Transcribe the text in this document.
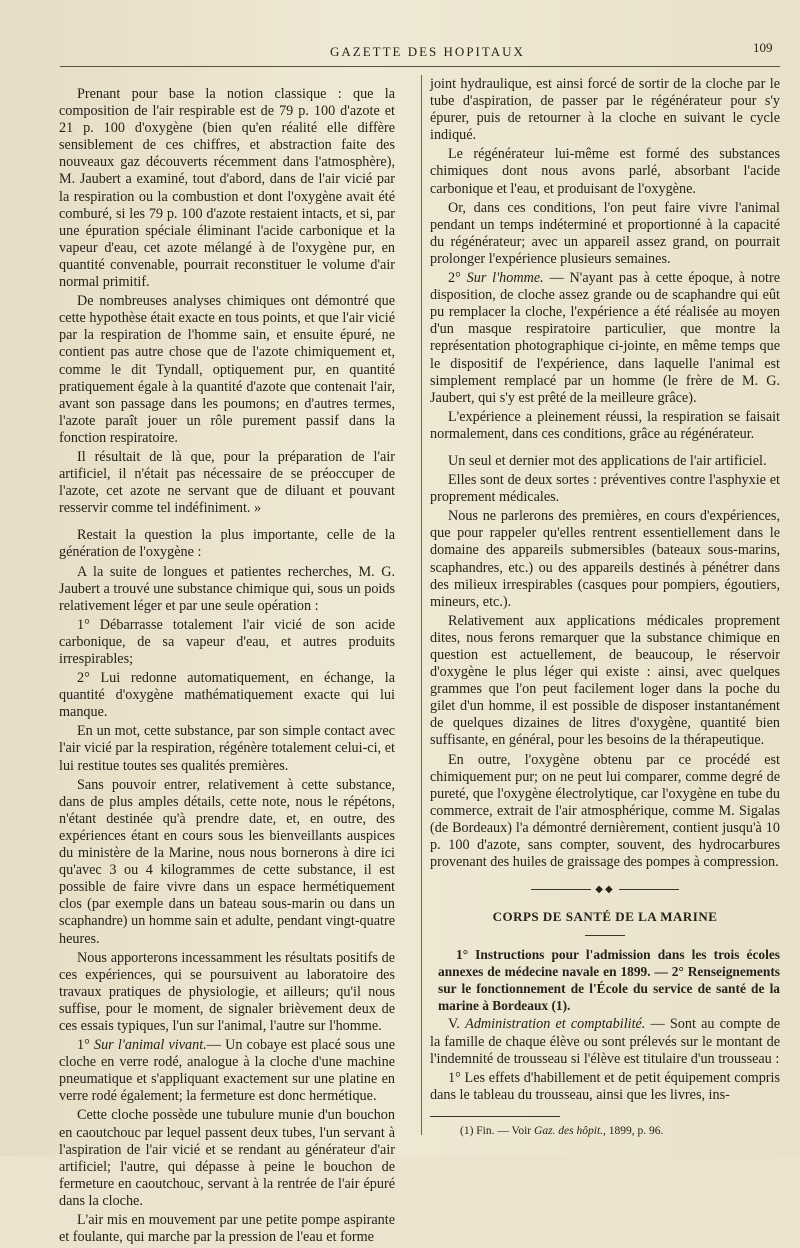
GAZETTE DES HOPITAUX	109

Prenant pour base la notion classique : que la composition de l'air respirable est de 79 p. 100 d'azote et 21 p. 100 d'oxygène (bien qu'en réalité elle diffère sensiblement de ces chiffres, et abstraction faite des nouveaux gaz découverts récemment dans l'atmosphère), M. Jaubert a examiné, tout d'abord, dans de l'air vicié par la respiration ou la combustion et dont l'oxygène avait été comburé, si les 79 p. 100 d'azote restaient intacts, et si, par une épuration spéciale éliminant l'acide carbonique et la vapeur d'eau, cet azote mélangé à de l'oxygène pur, en quantité convenable, pourrait reconstituer le volume d'air normal primitif.

De nombreuses analyses chimiques ont démontré que cette hypothèse était exacte en tous points, et que l'air vicié par la respiration de l'homme sain, et ensuite épuré, ne contient pas autre chose que de l'azote chimiquement et, comme le dit Tyndall, optiquement pur, en quantité pratiquement égale à la quantité d'azote que contenait l'air, avant son passage dans les poumons; en d'autres termes, l'azote paraît jouer un rôle purement passif dans la fonction respiratoire.

Il résultait de là que, pour la préparation de l'air artificiel, il n'était pas nécessaire de se préoccuper de l'azote, cet azote ne servant que de diluant et pouvant resservir comme tel indéfiniment. »

Restait la question la plus importante, celle de la génération de l'oxygène :

A la suite de longues et patientes recherches, M. G. Jaubert a trouvé une substance chimique qui, sous un poids relativement léger et par une seule opération :

1° Débarrasse totalement l'air vicié de son acide carbonique, de sa vapeur d'eau, et autres produits irrespirables;

2° Lui redonne automatiquement, en échange, la quantité d'oxygène mathématiquement exacte qui lui manque.

En un mot, cette substance, par son simple contact avec l'air vicié par la respiration, régénère totalement celui-ci, et lui restitue toutes ses qualités premières.

Sans pouvoir entrer, relativement à cette substance, dans de plus amples détails, cette note, nous le répétons, n'étant destinée qu'à prendre date, et, en outre, des expériences étant en cours sous les bienveillants auspices du ministère de la Marine, nous nous bornerons à dire ici qu'avec 3 ou 4 kilogrammes de cette substance, il est possible de faire vivre dans un espace hermétiquement clos (par exemple dans un bateau sous-marin ou dans un scaphandre) un homme sain et adulte, pendant vingt-quatre heures.

Nous apporterons incessamment les résultats positifs de ces expériences, qui se poursuivent au laboratoire des travaux pratiques de physiologie, et ailleurs; qu'il nous suffise, pour le moment, de signaler brièvement deux de ces essais typiques, l'un sur l'animal, l'autre sur l'homme.

1° Sur l'animal vivant.— Un cobaye est placé sous une cloche en verre rodé, analogue à la cloche d'une machine pneumatique et s'appliquant exactement sur une platine en verre rodé également; la fermeture est donc hermétique.

Cette cloche possède une tubulure munie d'un bouchon en caoutchouc par lequel passent deux tubes, l'un servant à l'aspiration de l'air vicié et se rendant au générateur d'air artificiel; l'autre, qui dépasse à peine le bouchon de fermeture en caoutchouc, servant à la rentrée de l'air épuré dans la cloche.

L'air mis en mouvement par une petite pompe aspirante et foulante, qui marche par la pression de l'eau et forme

joint hydraulique, est ainsi forcé de sortir de la cloche par le tube d'aspiration, de passer par le régénérateur pour s'y épurer, puis de retourner à la cloche en suivant le cycle indiqué.

Le régénérateur lui-même est formé des substances chimiques dont nous avons parlé, absorbant l'acide carbonique et l'eau, et produisant de l'oxygène.

Or, dans ces conditions, l'on peut faire vivre l'animal pendant un temps indéterminé et proportionné à la capacité du régénérateur; avec un appareil assez grand, on pourrait prolonger l'expérience plusieurs semaines.

2° Sur l'homme. — N'ayant pas à cette époque, à notre disposition, de cloche assez grande ou de scaphandre qui eût pu remplacer la cloche, l'expérience a été réalisée au moyen d'un masque respiratoire particulier, que montre la représentation photographique ci-jointe, en même temps que le dispositif de l'expérience, dans laquelle l'animal est simplement remplacé par un homme (le frère de M. G. Jaubert, qui s'y est prêté de la meilleure grâce).

L'expérience a pleinement réussi, la respiration se faisait normalement, dans ces conditions, grâce au régénérateur.

Un seul et dernier mot des applications de l'air artificiel.

Elles sont de deux sortes : préventives contre l'asphyxie et proprement médicales.

Nous ne parlerons des premières, en cours d'expériences, que pour rappeler qu'elles rentrent essentiellement dans le domaine des appareils submersibles (bateaux sous-marins, scaphandres, etc.) ou des appareils destinés à pénétrer dans des milieux irrespirables (casques pour pompiers, égoutiers, mineurs, etc.).

Relativement aux applications médicales proprement dites, nous ferons remarquer que la substance chimique en question est actuellement, de beaucoup, le réservoir d'oxygène le plus léger qui existe : ainsi, avec quelques grammes que l'on peut facilement loger dans la poche du gilet d'un homme, il est possible de disposer instantanément de quelques dizaines de litres d'oxygène, quantité bien suffisante, en général, pour les besoins de la thérapeutique.

En outre, l'oxygène obtenu par ce procédé est chimiquement pur; on ne peut lui comparer, comme degré de pureté, que l'oxygène électrolytique, car l'oxygène en tube du commerce, extrait de l'air atmosphérique, comme M. Sigalas (de Bordeaux) l'a démontré dernièrement, contient jusqu'à 10 p. 100 d'azote, sans compter, souvent, des hydrocarbures provenant des huiles de graissage des pompes à compression.

◆◆
CORPS DE SANTÉ DE LA MARINE

1° Instructions pour l'admission dans les trois écoles annexes de médecine navale en 1899. — 2° Renseignements sur le fonctionnement de l'École du service de santé de la marine à Bordeaux (1).

V. Administration et comptabilité. — Sont au compte de la famille de chaque élève ou sont prélevés sur le montant de l'indemnité de trousseau si l'élève est titulaire d'un trousseau :

1° Les effets d'habillement et de petit équipement compris dans le tableau du trousseau, ainsi que les livres, ins-

(1) Fin. — Voir Gaz. des hôpit., 1899, p. 96.
